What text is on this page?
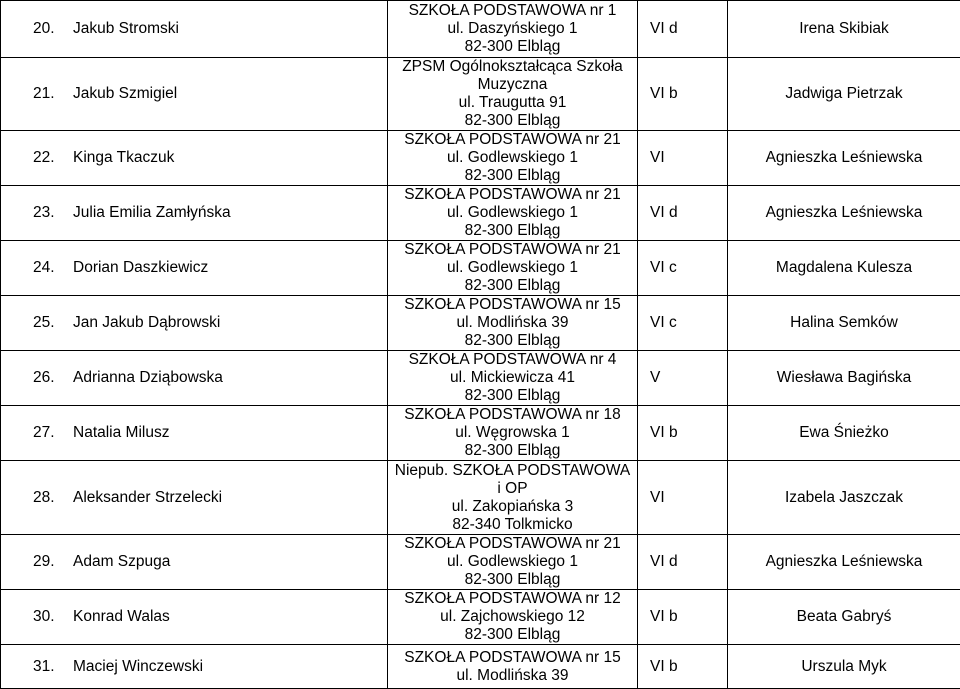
20. Jakub Stromski	SZKOŁA PODSTAWOWA nr 1
ul. Daszyńskiego 1
82-300 Elbląg	VI d	Irena Skibiak
21. Jakub Szmigiel	ZPSM Ogólnokształcąca Szkoła
Muzyczna
ul. Traugutta 91
82-300 Elbląg	VI b	Jadwiga Pietrzak
22. Kinga Tkaczuk	SZKOŁA PODSTAWOWA nr 21
ul. Godlewskiego 1
82-300 Elbląg	VI	Agnieszka Leśniewska
23. Julia Emilia Zamłyńska	SZKOŁA PODSTAWOWA nr 21
ul. Godlewskiego 1
82-300 Elbląg	VI d	Agnieszka Leśniewska
24. Dorian Daszkiewicz	SZKOŁA PODSTAWOWA nr 21
ul. Godlewskiego 1
82-300 Elbląg	VI c	Magdalena Kulesza
25. Jan Jakub Dąbrowski	SZKOŁA PODSTAWOWA nr 15
ul. Modlińska 39
82-300 Elbląg	VI c	Halina Semków
26. Adrianna Dziąbowska	SZKOŁA PODSTAWOWA nr 4
ul. Mickiewicza 41
82-300 Elbląg	V	Wiesława Bagińska
27. Natalia Milusz	SZKOŁA PODSTAWOWA nr 18
ul. Węgrowska 1
82-300 Elbląg	VI b	Ewa Śnieżko
28. Aleksander Strzelecki	Niepub. SZKOŁA PODSTAWOWA
i OP
ul. Zakopiańska 3
82-340 Tolkmicko	VI	Izabela Jaszczak
29. Adam Szpuga	SZKOŁA PODSTAWOWA nr 21
ul. Godlewskiego 1
82-300 Elbląg	VI d	Agnieszka Leśniewska
30. Konrad Walas	SZKOŁA PODSTAWOWA nr 12
ul. Zajchowskiego 12
82-300 Elbląg	VI b	Beata Gabryś
31. Maciej Winczewski	SZKOŁA PODSTAWOWA nr 15
ul. Modlińska 39	VI b	Urszula Myk
